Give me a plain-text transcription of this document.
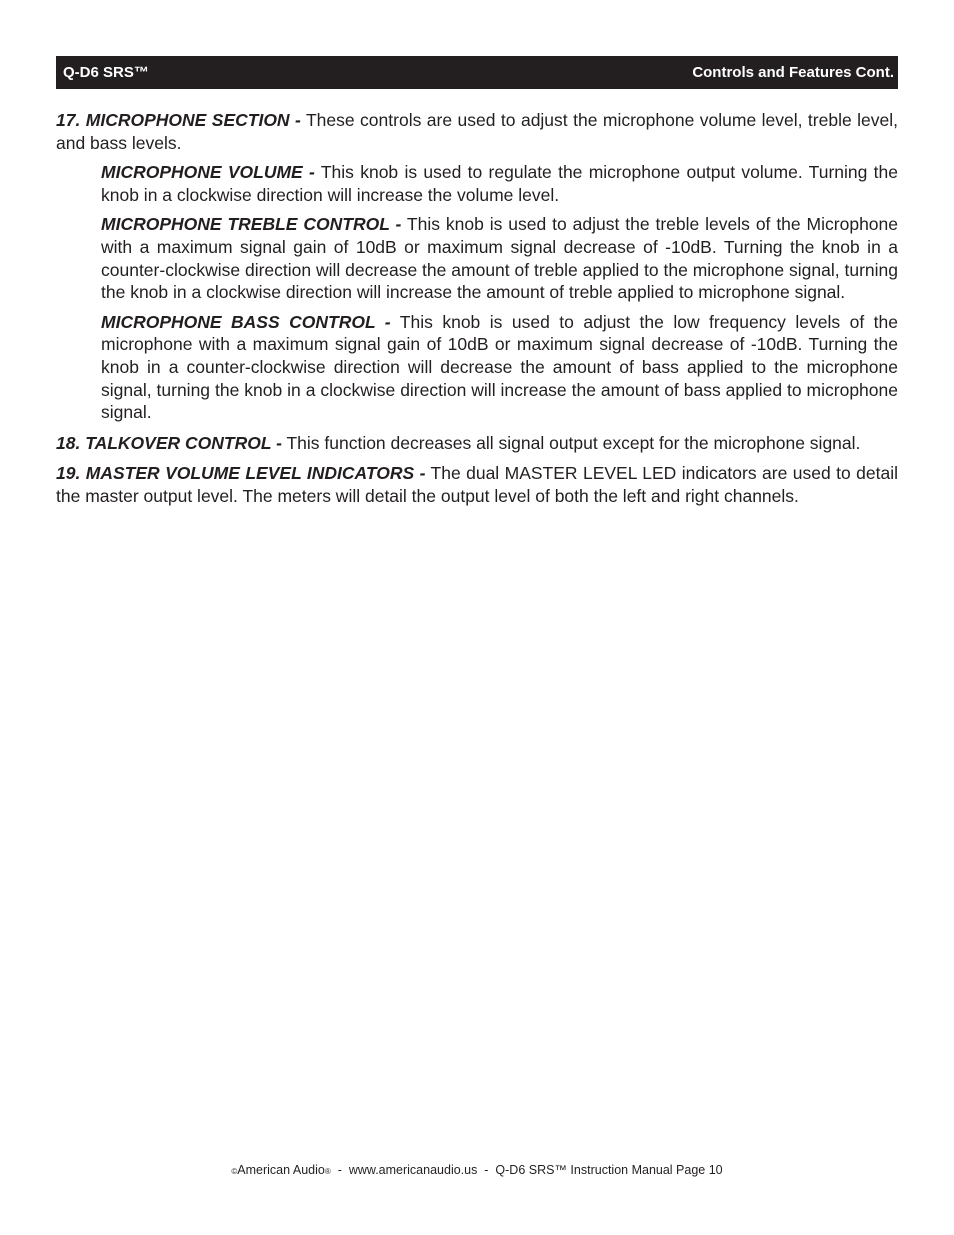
Q-D6 SRS™	Controls and Features Cont.

17. MICROPHONE SECTION - These controls are used to adjust the microphone volume level, treble level, and bass levels.

MICROPHONE VOLUME - This knob is used to regulate the microphone output volume. Turning the knob in a clockwise direction will increase the volume level.

MICROPHONE TREBLE CONTROL - This knob is used to adjust the treble levels of the Microphone with a maximum signal gain of 10dB or maximum signal decrease of -10dB. Turning the knob in a counter-clockwise direction will decrease the amount of treble applied to the microphone signal, turning the knob in a clockwise direction will increase the amount of treble applied to microphone signal.

MICROPHONE BASS CONTROL - This knob is used to adjust the low frequency levels of the microphone with a maximum signal gain of 10dB or maximum signal decrease of -10dB. Turning the knob in a counter-clockwise direction will decrease the amount of bass applied to the microphone signal, turning the knob in a clockwise direction will increase the amount of bass applied to microphone signal.

18. TALKOVER CONTROL - This function decreases all signal output except for the microphone signal.

19. MASTER VOLUME LEVEL INDICATORS - The dual MASTER LEVEL LED indicators are used to detail the master output level. The meters will detail the output level of both the left and right channels.

©American Audio®  -  www.americanaudio.us  -  Q-D6 SRS™ Instruction Manual Page 10
